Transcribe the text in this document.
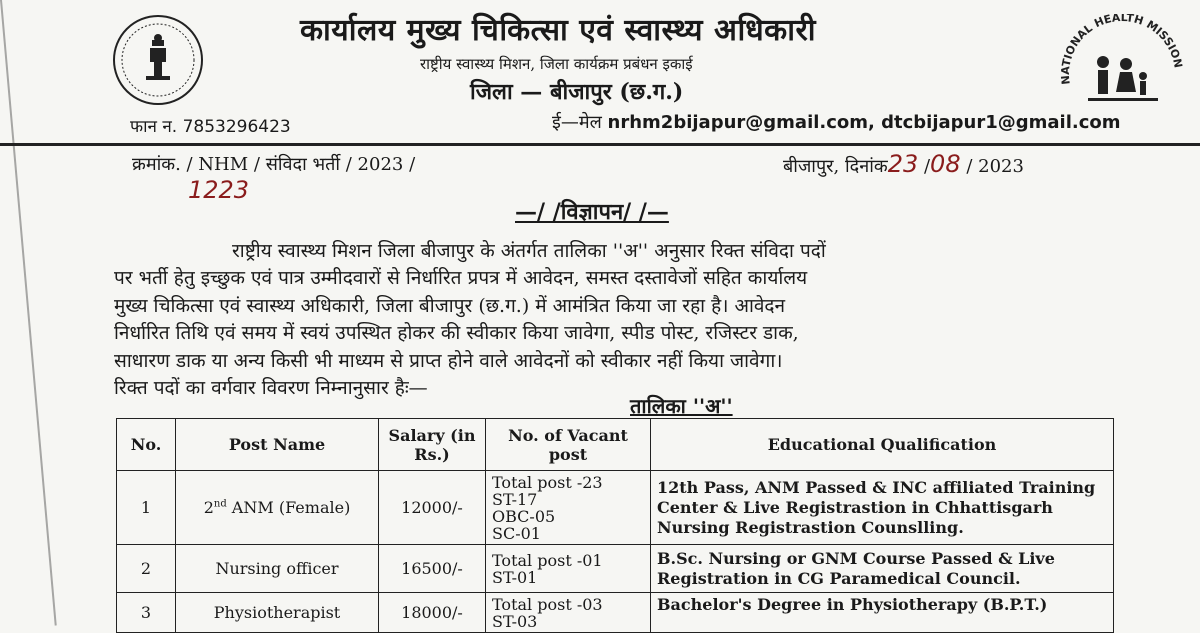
NATIONAL HEALTH MISSION
कार्यालय मुख्य चिकित्सा एवं स्वास्थ्य अधिकारी
राष्ट्रीय स्वास्थ्य मिशन, जिला कार्यक्रम प्रबंधन इकाई
जिला — बीजापुर (छ.ग.)
फान न. 7853296423	ई—मेल nrhm2bijapur@gmail.com, dtcbijapur1@gmail.com
क्रमांक. / NHM / संविदा भर्ती / 2023 /
1223
बीजापुर, दिनांक23 /08 / 2023
—/ /विज्ञापन/ /—
राष्ट्रीय स्वास्थ्य मिशन जिला बीजापुर के अंतर्गत तालिका ''अ'' अनुसार रिक्त संविदा पदों
पर भर्ती हेतु इच्छुक एवं पात्र उम्मीदवारों से निर्धारित प्रपत्र में आवेदन, समस्त दस्तावेजों सहित कार्यालय
मुख्य चिकित्सा एवं स्वास्थ्य अधिकारी, जिला बीजापुर (छ.ग.) में आमंत्रित किया जा रहा है। आवेदन
निर्धारित तिथि एवं समय में स्वयं उपस्थित होकर की स्वीकार किया जावेगा, स्पीड पोस्ट, रजिस्टर डाक,
साधारण डाक या अन्य किसी भी माध्यम से प्राप्त होने वाले आवेदनों को स्वीकार नहीं किया जावेगा।
रिक्त पदों का वर्गवार विवरण निम्नानुसार हैः—
तालिका ''अ''
No.	Post Name	Salary (in Rs.)	No. of Vacant post	Educational Qualification
1	2nd ANM (Female)	12000/-	Total post -23
ST-17
OBC-05
SC-01	12th Pass, ANM Passed & INC affiliated Training Center & Live Registrastion in Chhattisgarh Nursing Registrastion Counslling.
2	Nursing officer	16500/-	Total post -01
ST-01	B.Sc. Nursing or GNM Course Passed & Live Registration in CG Paramedical Council.
3	Physiotherapist	18000/-	Total post -03
ST-03	Bachelor's Degree in Physiotherapy (B.P.T.)
